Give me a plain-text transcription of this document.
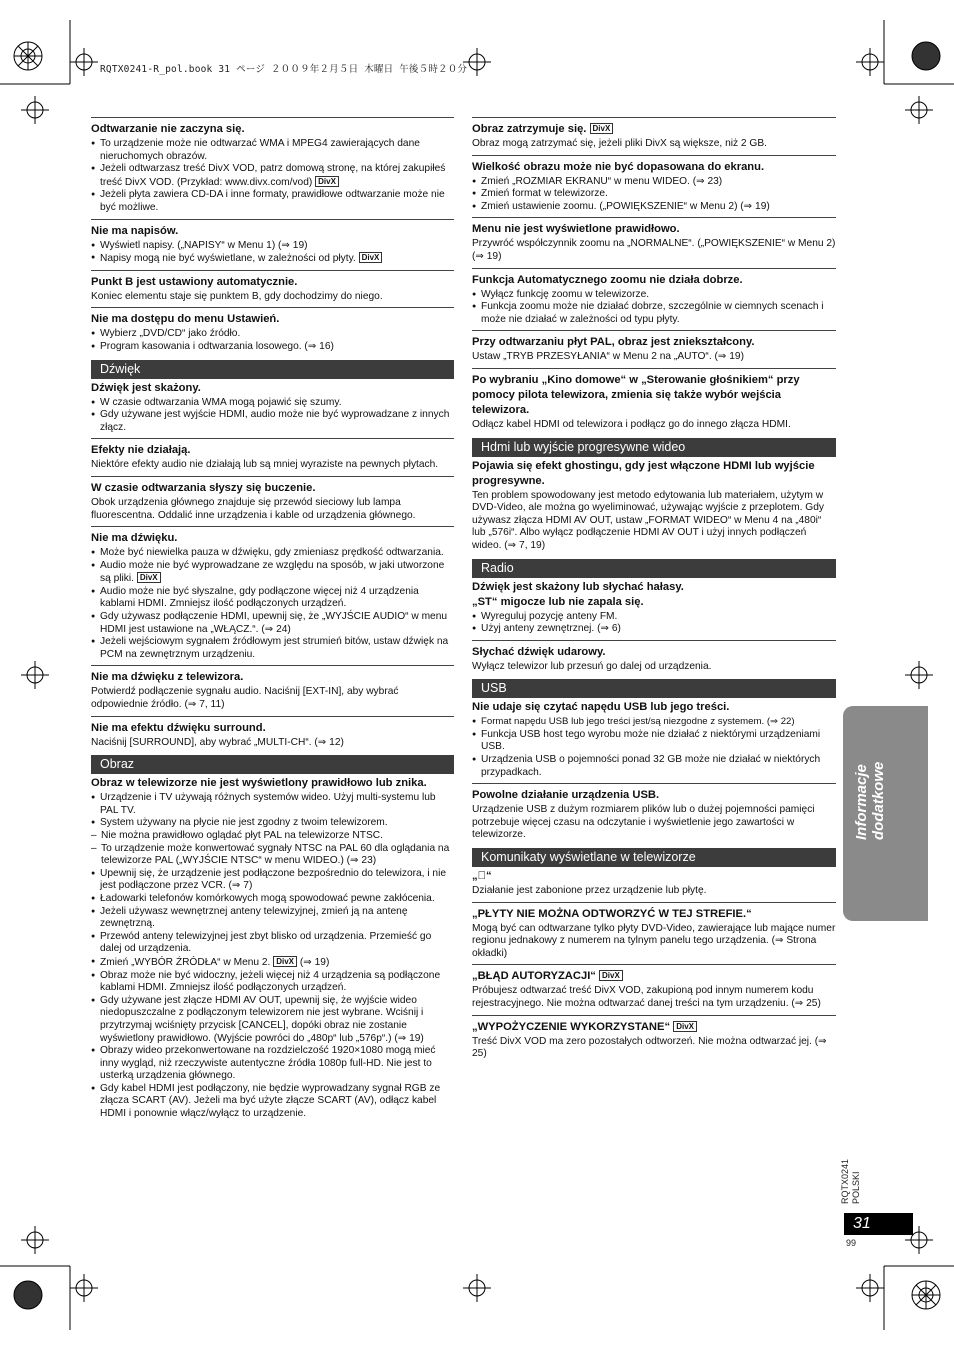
RQTX0241-R_pol.book 31 ページ ２００９年２月５日 木曜日 午後５時２０分

Odtwarzanie nie zaczyna się.

● To urządzenie może nie odtwarzać WMA i MPEG4 zawierających dane nieruchomych obrazów.
● Jeżeli odtwarzasz treść DivX VOD, patrz domową stronę, na której zakupiłeś treść DivX VOD. (Przykład: www.divx.com/vod) DivX
● Jeżeli płyta zawiera CD-DA i inne formaty, prawidłowe odtwarzanie może nie być możliwe.

Nie ma napisów.

● Wyświetl napisy. („NAPISY“ w Menu 1) (⇒ 19)
● Napisy mogą nie być wyświetlane, w zależności od płyty. DivX

Punkt B jest ustawiony automatycznie.

Koniec elementu staje się punktem B, gdy dochodzimy do niego.

Nie ma dostępu do menu Ustawień.

● Wybierz „DVD/CD“ jako źródło.
● Program kasowania i odtwarzania losowego. (⇒ 16)
Dźwięk

Dźwięk jest skażony.

● W czasie odtwarzania WMA mogą pojawić się szumy.
● Gdy używane jest wyjście HDMI, audio może nie być wyprowadzane z innych złącz.

Efekty nie działają.

Niektóre efekty audio nie działają lub są mniej wyraziste na pewnych płytach.

W czasie odtwarzania słyszy się buczenie.

Obok urządzenia głównego znajduje się przewód sieciowy lub lampa fluorescentna. Oddalić inne urządzenia i kable od urządzenia głównego.

Nie ma dźwięku.

● Może być niewielka pauza w dźwięku, gdy zmieniasz prędkość odtwarzania.
● Audio może nie być wyprowadzane ze względu na sposób, w jaki utworzone są pliki. DivX
● Audio może nie być słyszalne, gdy podłączone więcej niż 4 urządzenia kablami HDMI. Zmniejsz ilość podłączonych urządzeń.
● Gdy używasz podłączenie HDMI, upewnij się, że „WYJŚCIE AUDIO“ w menu HDMI jest ustawione na „WŁĄCZ.“. (⇒ 24)
● Jeżeli wejściowym sygnałem źródłowym jest strumień bitów, ustaw dźwięk na PCM na zewnętrznym urządzeniu.

Nie ma dźwięku z telewizora.

Potwierdź podłączenie sygnału audio. Naciśnij [EXT-IN], aby wybrać odpowiednie źródło. (⇒ 7, 11)

Nie ma efektu dźwięku surround.

Naciśnij [SURROUND], aby wybrać „MULTI-CH“. (⇒ 12)

Obraz

Obraz w telewizorze nie jest wyświetlony prawidłowo lub znika.

● Urządzenie i TV używają różnych systemów wideo. Użyj multi-systemu lub PAL TV.
● System używany na płycie nie jest zgodny z twoim telewizorem.
– Nie można prawidłowo oglądać płyt PAL na telewizorze NTSC.
– To urządzenie może konwertować sygnały NTSC na PAL 60 dla oglądania na telewizorze PAL („WYJŚCIE NTSC“ w menu WIDEO.) (⇒ 23)
● Upewnij się, że urządzenie jest podłączone bezpośrednio do telewizora, i nie jest podłączone przez VCR. (⇒ 7)
● Ładowarki telefonów komórkowych mogą spowodować pewne zakłócenia.
● Jeżeli używasz wewnętrznej anteny telewizyjnej, zmień ją na antenę zewnętrzną.
● Przewód anteny telewizyjnej jest zbyt blisko od urządzenia. Przemieść go dalej od urządzenia.
● Zmień „WYBÓR ŹRÓDŁA“ w Menu 2. DivX (⇒ 19)
● Obraz może nie być widoczny, jeżeli więcej niż 4 urządzenia są podłączone kablami HDMI. Zmniejsz ilość podłączonych urządzeń.
● Gdy używane jest złącze HDMI AV OUT, upewnij się, że wyjście wideo niedopuszczalne z podłączonym telewizorem nie jest wybrane. Wciśnij i przytrzymaj wciśnięty przycisk [CANCEL], dopóki obraz nie zostanie wyświetlony prawidłowo. (Wyjście powróci do „480p“ lub „576p“.) (⇒ 19)
● Obrazy wideo przekonwertowane na rozdzielczość 1920×1080 mogą mieć inny wygląd, niż rzeczywiste autentyczne źródła 1080p full-HD. Nie jest to usterką urządzenia głównego.
● Gdy kabel HDMI jest podłączony, nie będzie wyprowadzany sygnał RGB ze złącza SCART (AV). Jeżeli ma być użyte złącze SCART (AV), odłącz kabel HDMI i ponownie włącz/wyłącz to urządzenie.

Obraz zatrzymuje się. DivX

Obraz mogą zatrzymać się, jeżeli pliki DivX są większe, niż 2 GB.

Wielkość obrazu może nie być dopasowana do ekranu.

● Zmień „ROZMIAR EKRANU“ w menu WIDEO. (⇒ 23)
● Zmień format w telewizorze.
● Zmień ustawienie zoomu. („POWIĘKSZENIE“ w Menu 2) (⇒ 19)

Menu nie jest wyświetlone prawidłowo.

Przywróć współczynnik zoomu na „NORMALNE“. („POWIĘKSZENIE“ w Menu 2) (⇒ 19)

Funkcja Automatycznego zoomu nie działa dobrze.

● Wyłącz funkcję zoomu w telewizorze.
● Funkcja zoomu może nie działać dobrze, szczególnie w ciemnych scenach i może nie działać w zależności od typu płyty.

Przy odtwarzaniu płyt PAL, obraz jest zniekształcony.

Ustaw „TRYB PRZESYŁANIA“ w Menu 2 na „AUTO“. (⇒ 19)

Po wybraniu „Kino domowe“ w „Sterowanie głośnikiem“ przy pomocy pilota telewizora, zmienia się także wybór wejścia telewizora.

Odłącz kabel HDMI od telewizora i podłącz go do innego złącza HDMI.

Hdmi lub wyjście progresywne wideo

Pojawia się efekt ghostingu, gdy jest włączone HDMI lub wyjście progresywne.

Ten problem spowodowany jest metodo edytowania lub materiałem, użytym w DVD-Video, ale można go wyeliminować, używając wyjście z przeplotem. Gdy używasz złącza HDMI AV OUT, ustaw „FORMAT WIDEO“ w Menu 4 na „480i“ lub „576i“. Albo wyłącz podłączenie HDMI AV OUT i użyj innych podłączeń wideo. (⇒ 7, 19)

Radio

Dźwięk jest skażony lub słychać hałasy.

„ST“ migocze lub nie zapala się.

● Wyreguluj pozycję anteny FM.
● Użyj anteny zewnętrznej. (⇒ 6)

Słychać dźwięk udarowy.

Wyłącz telewizor lub przesuń go dalej od urządzenia.

USB

Nie udaje się czytać napędu USB lub jego treści.

● Format napędu USB lub jego treści jest/są niezgodne z systemem. (⇒ 22)
● Funkcja USB host tego wyrobu może nie działać z niektórymi urządzeniami USB.
● Urządzenia USB o pojemności ponad 32 GB może nie działać w niektórych przypadkach.

Powolne działanie urządzenia USB.

Urządzenie USB z dużym rozmiarem plików lub o dużej pojemności pamięci potrzebuje więcej czasu na odczytanie i wyświetlenie jego zawartości w telewizorze.

Komunikaty wyświetlane w telewizorze

„⃠“

Działanie jest zabonione przez urządzenie lub płytę.

„PŁYTY NIE MOŻNA ODTWORZYĆ W TEJ STREFIE.“

Mogą być can odtwarzane tylko płyty DVD-Video, zawierające lub mające numer regionu jednakowy z numerem na tylnym panelu tego urządzenia. (⇒ Strona okładki)

„BŁĄD AUTORYZACJI“ DivX

Próbujesz odtwarzać treść DivX VOD, zakupioną pod innym numerem kodu rejestracyjnego. Nie można odtwarzać danej treści na tym urządzeniu. (⇒ 25)

„WYPOŻYCZENIE WYKORZYSTANE“ DivX

Treść DivX VOD ma zero pozostałych odtworzeń. Nie można odtwarzać jej. (⇒ 25)

Informacje dodatkowe
RQTX0241 POLSKI
31
99
